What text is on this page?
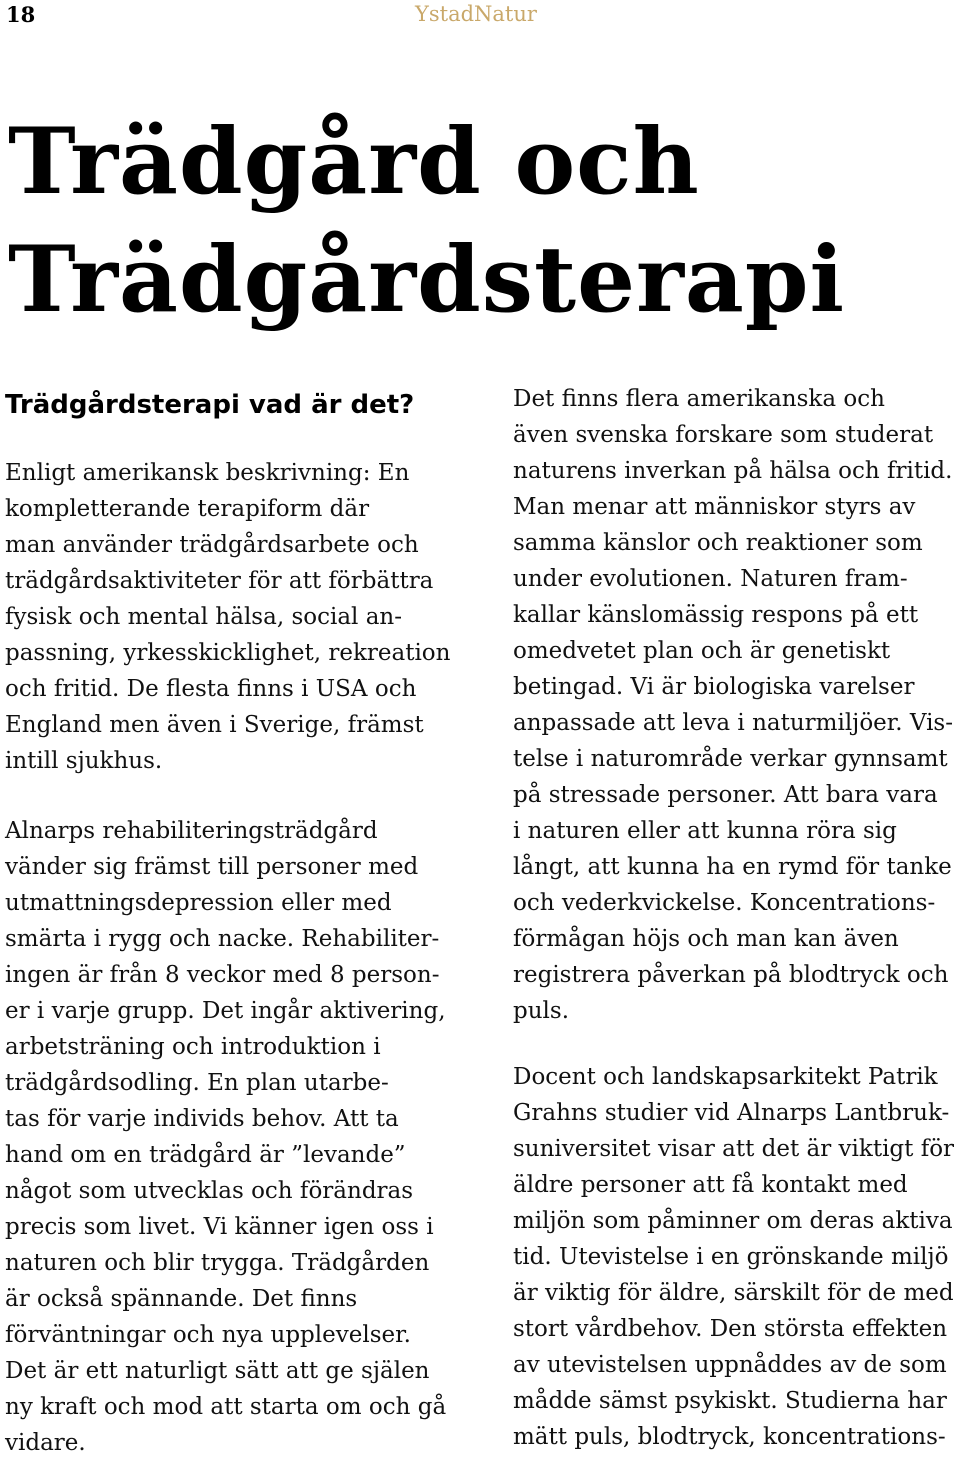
18	YstadNatur
Trädgård och
Trädgårdsterapi
Trädgårdsterapi vad är det?
Enligt amerikansk beskrivning: En
kompletterande terapiform där
man använder trädgårdsarbete och
trädgårdsaktiviteter för att förbättra
fysisk och mental hälsa, social an-
passning, yrkesskicklighet, rekreation
och fritid. De flesta finns i USA och
England men även i Sverige, främst
intill sjukhus.
Alnarps rehabiliteringsträdgård
vänder sig främst till personer med
utmattningsdepression eller med
smärta i rygg och nacke. Rehabiliter-
ingen är från 8 veckor med 8 person-
er i varje grupp. Det ingår aktivering,
arbetsträning och introduktion i
trädgårdsodling. En plan utarbe-
tas för varje individs behov. Att ta
hand om en trädgård är ”levande”
något som utvecklas och förändras
precis som livet. Vi känner igen oss i
naturen och blir trygga. Trädgården
är också spännande. Det finns
förväntningar och nya upplevelser.
Det är ett naturligt sätt att ge själen
ny kraft och mod att starta om och gå
vidare.
Det finns flera amerikanska och
även svenska forskare som studerat
naturens inverkan på hälsa och fritid.
Man menar att människor styrs av
samma känslor och reaktioner som
under evolutionen. Naturen fram-
kallar känslomässig respons på ett
omedvetet plan och är genetiskt
betingad. Vi är biologiska varelser
anpassade att leva i naturmiljöer. Vis-
telse i naturområde verkar gynnsamt
på stressade personer. Att bara vara
i naturen eller att kunna röra sig
långt, att kunna ha en rymd för tanke
och vederkvickelse. Koncentrations-
förmågan höjs och man kan även
registrera påverkan på blodtryck och
puls.
Docent och landskapsarkitekt Patrik
Grahns studier vid Alnarps Lantbruk-
suniversitet visar att det är viktigt för
äldre personer att få kontakt med
miljön som påminner om deras aktiva
tid. Utevistelse i en grönskande miljö
är viktig för äldre, särskilt för de med
stort vårdbehov. Den största effekten
av utevistelsen uppnåddes av de som
mådde sämst psykiskt. Studierna har
mätt puls, blodtryck, koncentrations-
